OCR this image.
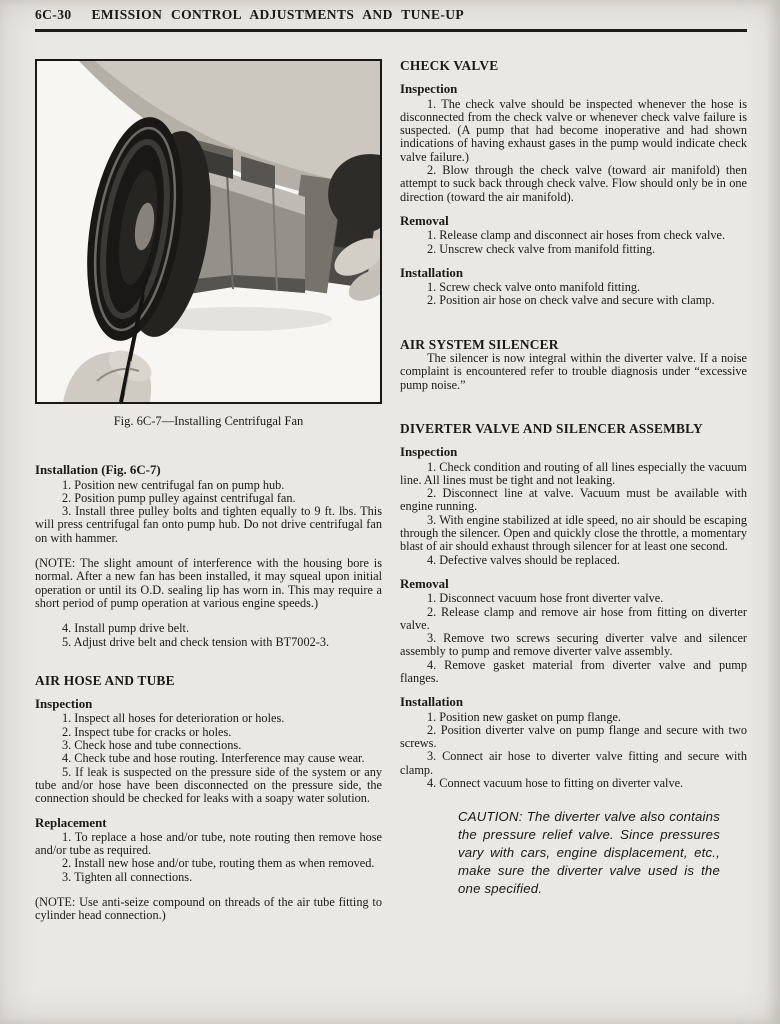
6C-30 EMISSION CONTROL ADJUSTMENTS AND TUNE-UP
Fig. 6C-7—Installing Centrifugal Fan
Installation (Fig. 6C-7)

1. Position new centrifugal fan on pump hub.

2. Position pump pulley against centrifugal fan.

3. Install three pulley bolts and tighten equally to 9 ft. lbs. This will press centrifugal fan onto pump hub. Do not drive centrifugal fan on with hammer.

(NOTE: The slight amount of interference with the housing bore is normal. After a new fan has been installed, it may squeal upon initial operation or until its O.D. sealing lip has worn in. This may require a short period of pump operation at various engine speeds.)

4. Install pump drive belt.

5. Adjust drive belt and check tension with BT7002-3.

AIR HOSE AND TUBE
Inspection

1. Inspect all hoses for deterioration or holes.

2. Inspect tube for cracks or holes.

3. Check hose and tube connections.

4. Check tube and hose routing. Interference may cause wear.

5. If leak is suspected on the pressure side of the system or any tube and/or hose have been disconnected on the pressure side, the connection should be checked for leaks with a soapy water solution.

Replacement

1. To replace a hose and/or tube, note routing then remove hose and/or tube as required.

2. Install new hose and/or tube, routing them as when removed.

3. Tighten all connections.

(NOTE: Use anti-seize compound on threads of the air tube fitting to cylinder head connection.)

CHECK VALVE
Inspection

1. The check valve should be inspected whenever the hose is disconnected from the check valve or whenever check valve failure is suspected. (A pump that had become inoperative and had shown indications of having exhaust gases in the pump would indicate check valve failure.)

2. Blow through the check valve (toward air manifold) then attempt to suck back through check valve. Flow should only be in one direction (toward the air manifold).

Removal

1. Release clamp and disconnect air hoses from check valve.

2. Unscrew check valve from manifold fitting.

Installation

1. Screw check valve onto manifold fitting.

2. Position air hose on check valve and secure with clamp.

AIR SYSTEM SILENCER

The silencer is now integral within the diverter valve. If a noise complaint is encountered refer to trouble diagnosis under “excessive pump noise.”

DIVERTER VALVE AND SILENCER ASSEMBLY
Inspection

1. Check condition and routing of all lines especially the vacuum line. All lines must be tight and not leaking.

2. Disconnect line at valve. Vacuum must be available with engine running.

3. With engine stabilized at idle speed, no air should be escaping through the silencer. Open and quickly close the throttle, a momentary blast of air should exhaust through silencer for at least one second.

4. Defective valves should be replaced.

Removal

1. Disconnect vacuum hose front diverter valve.

2. Release clamp and remove air hose from fitting on diverter valve.

3. Remove two screws securing diverter valve and silencer assembly to pump and remove diverter valve assembly.

4. Remove gasket material from diverter valve and pump flanges.

Installation

1. Position new gasket on pump flange.

2. Position diverter valve on pump flange and secure with two screws.

3. Connect air hose to diverter valve fitting and secure with clamp.

4. Connect vacuum hose to fitting on diverter valve.

CAUTION: The diverter valve also contains the pressure relief valve. Since pressures vary with cars, engine displacement, etc., make sure the diverter valve used is the one specified.
